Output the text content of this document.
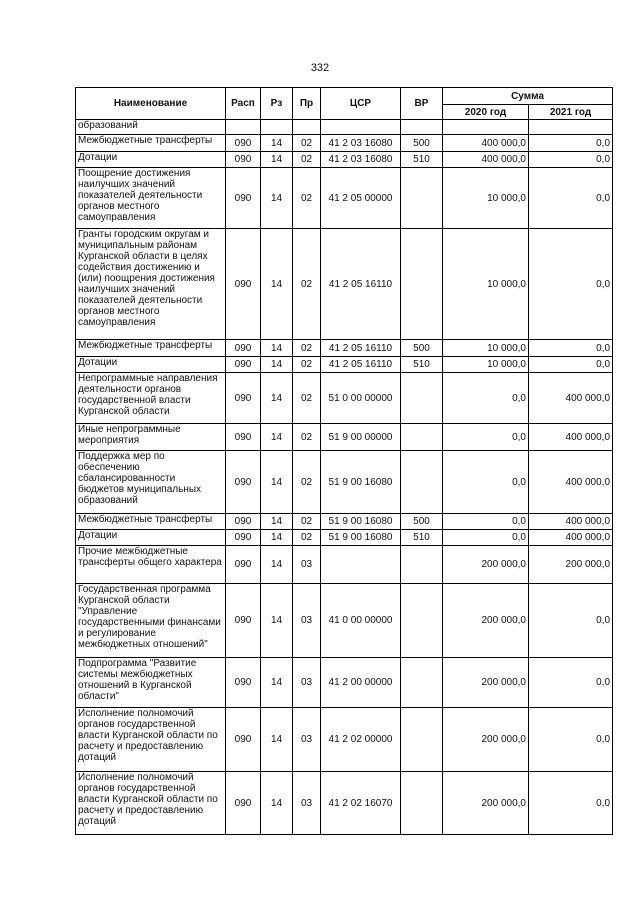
332
Наименование	Расп	Рз	Пр	ЦСР	ВР	Сумма	
						2020 год	2021 год
образований							
Межбюджетные трансферты	090	14	02	41 2 03 16080	500	400 000,0	0,0
Дотации	090	14	02	41 2 03 16080	510	400 000,0	0,0
Поощрение достижения наилучших значений показателей деятельности органов местного самоуправления	090	14	02	41 2 05 00000		10 000,0	0,0
Гранты городским округам и муниципальным районам Курганской области в целях содействия достижению и (или) поощрения достижения наилучших значений показателей деятельности органов местного самоуправления	090	14	02	41 2 05 16110		10 000,0	0,0
Межбюджетные трансферты	090	14	02	41 2 05 16110	500	10 000,0	0,0
Дотации	090	14	02	41 2 05 16110	510	10 000,0	0,0
Непрограммные направления деятельности органов государственной власти Курганской области	090	14	02	51 0 00 00000		0,0	400 000,0
Иные непрограммные мероприятия	090	14	02	51 9 00 00000		0,0	400 000,0
Поддержка мер по обеспечению сбалансированности бюджетов муниципальных образований	090	14	02	51 9 00 16080		0,0	400 000,0
Межбюджетные трансферты	090	14	02	51 9 00 16080	500	0,0	400 000,0
Дотации	090	14	02	51 9 00 16080	510	0,0	400 000,0
Прочие межбюджетные трансферты общего характера	090	14	03			200 000,0	200 000,0
Государственная программа Курганской области "Управление государственными финансами и регулирование межбюджетных отношений"	090	14	03	41 0 00 00000		200 000,0	0,0
Подпрограмма "Развитие системы межбюджетных отношений в Курганской области"	090	14	03	41 2 00 00000		200 000,0	0,0
Исполнение полномочий органов государственной власти Курганской области по расчету и предоставлению дотаций	090	14	03	41 2 02 00000		200 000,0	0,0
Исполнение полномочий органов государственной власти Курганской области по расчету и предоставлению дотаций	090	14	03	41 2 02 16070		200 000,0	0,0
